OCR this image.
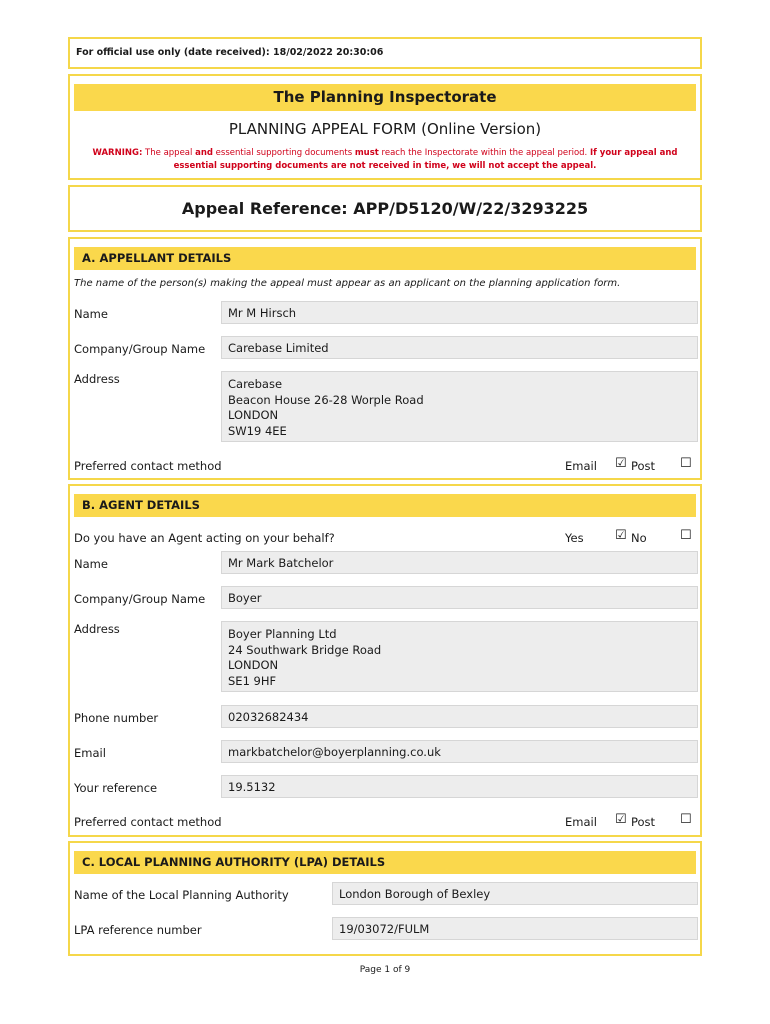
For official use only (date received): 18/02/2022 20:30:06
The Planning Inspectorate
PLANNING APPEAL FORM (Online Version)
WARNING: The appeal and essential supporting documents must reach the Inspectorate within the appeal period. If your appeal and essential supporting documents are not received in time, we will not accept the appeal.
Appeal Reference: APP/D5120/W/22/3293225
A. APPELLANT DETAILS
The name of the person(s) making the appeal must appear as an applicant on the planning application form.
Name	Mr M Hirsch
Company/Group Name	Carebase Limited
Address	Carebase
Beacon House 26-28 Worple Road
LONDON
SW19 4EE
Preferred contact method	Email ☑ Post ☐
B. AGENT DETAILS
Do you have an Agent acting on your behalf?	Yes ☑ No	☐
Name	Mr Mark Batchelor
Company/Group Name	Boyer
Address	Boyer Planning Ltd
24 Southwark Bridge Road
LONDON
SE1 9HF
Phone number	02032682434
Email	markbatchelor@boyerplanning.co.uk
Your reference	19.5132
Preferred contact method	Email ☑ Post ☐
C. LOCAL PLANNING AUTHORITY (LPA) DETAILS
Name of the Local Planning Authority	London Borough of Bexley
LPA reference number	19/03072/FULM
Page 1 of 9
